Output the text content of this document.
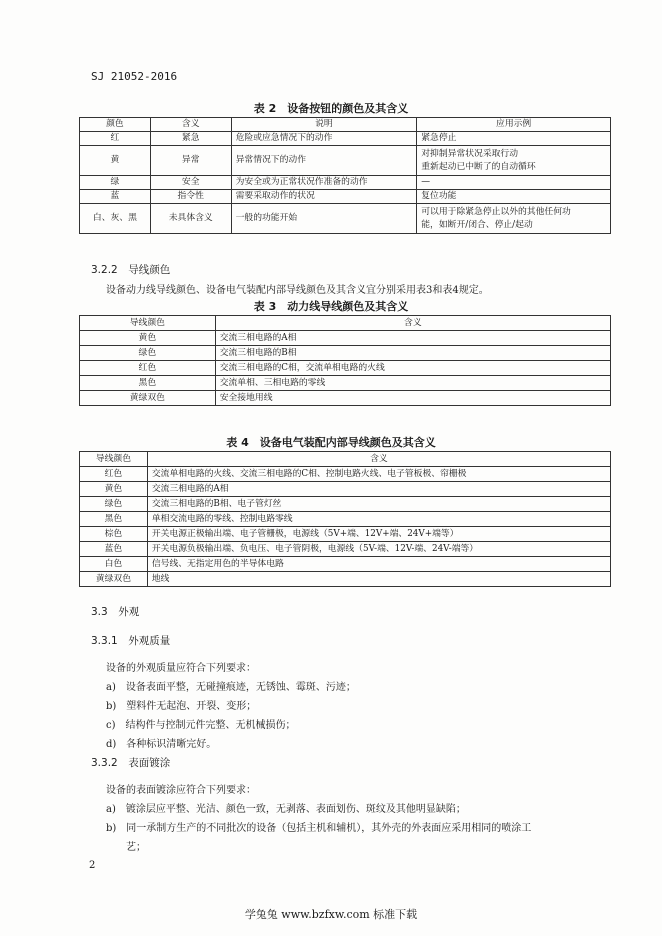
SJ 21052-2016
表 2　设备按钮的颜色及其含义
颜色	含义	说明	应用示例
红	紧急	危险或应急情况下的动作	紧急停止
黄	异常	异常情况下的动作	对抑制异常状况采取行动
重新起动已中断了的自动循环

绿	安全	为安全或为正常状况作准备的动作	—
蓝	指令性	需要采取动作的状况	复位功能
白、灰、黑	未具体含义	一般的功能开始	可以用于除紧急停止以外的其他任何功
能，如断开/闭合、停止/起动
3.2.2　导线颜色
设备动力线导线颜色、设备电气装配内部导线颜色及其含义宜分别采用表3和表4规定。
表 3　动力线导线颜色及其含义
导线颜色	含义
黄色	交流三相电路的A相
绿色	交流三相电路的B相
红色	交流三相电路的C相，交流单相电路的火线
黑色	交流单相、三相电路的零线
黄绿双色	安全接地用线
表 4　设备电气装配内部导线颜色及其含义
导线颜色	含义
红色	交流单相电路的火线、交流三相电路的C相、控制电路火线、电子管板极、帘栅极
黄色	交流三相电路的A相
绿色	交流三相电路的B相、电子管灯丝
黑色	单相交流电路的零线、控制电路零线
棕色	开关电源正极输出端、电子管栅极，电源线（5V+端、12V+端、24V+端等）
蓝色	开关电源负极输出端、负电压、电子管阴极，电源线（5V-端、12V-端、24V-端等）
白色	信号线、无指定用色的半导体电路
黄绿双色	地线
3.3　外观
3.3.1　外观质量
设备的外观质量应符合下列要求：
a)　设备表面平整，无碰撞痕迹，无锈蚀、霉斑、污迹；
b)　塑料件无起泡、开裂、变形；
c)　结构件与控制元件完整、无机械损伤；
d)　各种标识清晰完好。
3.3.2　表面镀涂
设备的表面镀涂应符合下列要求：
a)　镀涂层应平整、光洁、颜色一致，无剥落、表面划伤、斑纹及其他明显缺陷；
b)　同一承制方生产的不同批次的设备（包括主机和辅机），其外壳的外表面应采用相同的喷涂工
　　艺；
2
学兔兔 www.bzfxw.com 标准下载
